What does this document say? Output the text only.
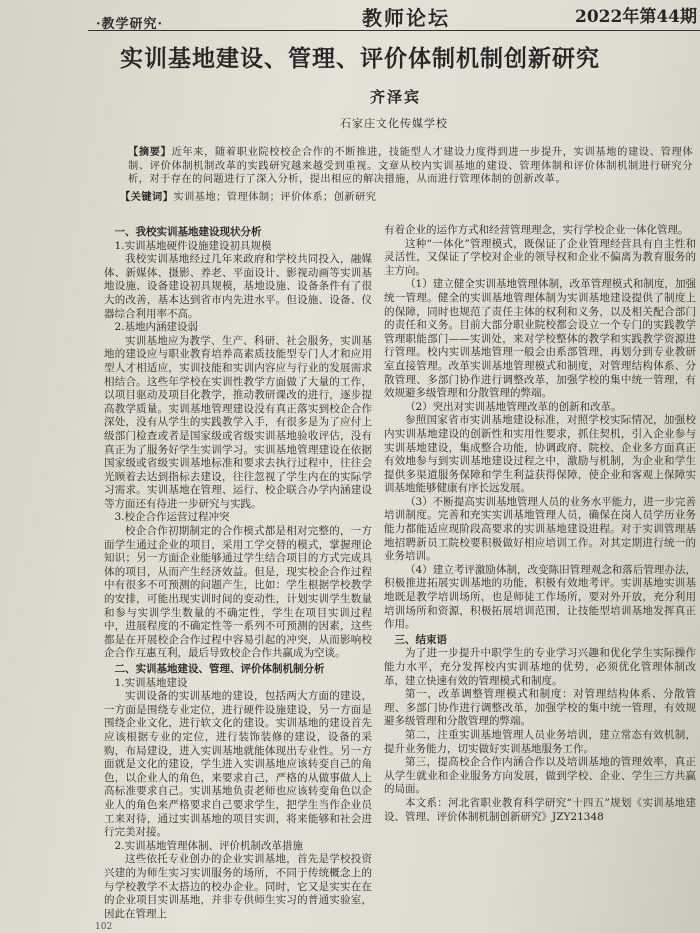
·教学研究·	教师论坛	2022年第44期
实训基地建设、管理、评价体制机制创新研究
齐泽宾
石家庄文化传媒学校
【摘要】近年来，随着职业院校校企合作的不断推进，技能型人才建设力度得到进一步提升，实训基地的建设、管理体制、评价体制机制改革的实践研究越来越受到重视。文章从校内实训基地的建设、管理体制和评价体制机制进行研究分析，对于存在的问题进行了深入分析，提出相应的解决措施，从而进行管理体制的创新改革。
【关键词】实训基地；管理体制；评价体系；创新研究
一、我校实训基地建设现状分析
1.实训基地硬件设施建设初具规模

我校实训基地经过几年来政府和学校共同投入，融媒体、新媒体、摄影、养老、平面设计、影视动画等实训基地设施、设备建设初具规模，基地设施、设备条件有了很大的改善，基本达到省市内先进水平。但设施、设备、仪器综合利用率不高。

2.基地内涵建设弱

实训基地应为教学、生产、科研、社会服务，实训基地的建设应与职业教育培养高素质技能型专门人才和应用型人才相适应，实训技能和实训内容应与行业的发展需求相结合。这些年学校在实训性教学方面做了大量的工作，以项目驱动及项目化教学，推动教研课改的进行，逐步提高教学质量。实训基地管理建设没有真正落实到校企合作深处，没有从学生的实践教学入手，有很多是为了应付上级部门检查或者是国家级或省级实训基地验收评估，没有真正为了服务好学生实训学习。实训基地管理建设在依据国家级或省级实训基地标准和要求去执行过程中，往往会光顾着去达到指标去建设，往往忽视了学生内在的实际学习需求。实训基地在管理、运行、校企联合办学内涵建设等方面还有待进一步研究与实践。

3.校企合作运营过程冲突

校企合作初期制定的合作模式都是相对完整的，一方面学生通过企业的项目，采用工学交替的模式，掌握理论知识；另一方面企业能够通过学生结合项目的方式完成具体的项目，从而产生经济效益。但是，现实校企合作过程中有很多不可预测的问题产生，比如：学生根据学校教学的安排，可能出现实训时间的变动性，计划实训学生数量和参与实训学生数量的不确定性，学生在项目实训过程中，进展程度的不确定性等一系列不可预测的因素，这些都是在开展校企合作过程中容易引起的冲突，从而影响校企合作互惠互利，最后导致校企合作共赢成为空谈。

二、实训基地建设、管理、评价体制机制分析
1.实训基地建设

实训设备的实训基地的建设，包括两大方面的建设，一方面是围绕专业定位，进行硬件设施建设，另一方面是围绕企业文化，进行软文化的建设。实训基地的建设首先应该根据专业的定位，进行装饰装修的建设，设备的采购，布局建设，进入实训基地就能体现出专业性。另一方面就是文化的建设，学生进入实训基地应该转变自己的角色，以企业人的角色，来要求自己，严格的从做事做人上高标准要求自己。实训基地负责老师也应该转变角色以企业人的角色来严格要求自己要求学生，把学生当作企业员工来对待，通过实训基地的项目实训，将来能够和社会进行完美对接。

2.实训基地管理体制、评价机制改革措施

这些依托专业创办的企业实训基地，首先是学校投资兴建的为师生实习实训服务的场所，不同于传统概念上的与学校教学不太搭边的校办企业。同时，它又是实实在在的企业项目实训基地，并非专供师生实习的普通实验室，因此在管理上

有着企业的运作方式和经营管理理念，实行学校企业一体化管理。

这种“一体化”管理模式，既保证了企业管理经营具有自主性和灵活性，又保证了学校对企业的领导权和企业不偏离为教育服务的主方向。

（1）建立健全实训基地管理体制，改革管理模式和制度，加强统一管理。健全的实训基地管理体制为实训基地建设提供了制度上的保障，同时也规范了责任主体的权利和义务，以及相关配合部门的责任和义务。目前大部分职业院校都会设立一个专门的实践教学管理职能部门——实训处，来对学校整体的教学和实践教学资源进行管理。校内实训基地管理一般会由系部管理，再划分到专业教研室直接管理。改革实训基地管理模式和制度，对管理结构体系、分散管理、多部门协作进行调整改革，加强学校的集中统一管理，有效规避多级管理和分散管理的弊端。

（2）突出对实训基地管理改革的创新和改革。

参照国家省市实训基地建设标准，对照学校实际情况，加强校内实训基地建设的创新性和实用性要求，抓住契机，引入企业参与实训基地建设，集成整合功能，协调政府、院校、企业多方面真正有效地参与到实训基地建设过程之中，激励与机制，为企业和学生提供多渠道服务保障和学生利益获得保障，使企业和客观上保障实训基地能够健康有序长远发展。

（3）不断提高实训基地管理人员的业务水平能力，进一步完善培训制度。完善和充实实训基地管理人员，确保在岗人员学历业务能力都能适应现阶段高要求的实训基地建设进程。对于实训管理基地招聘新员工院校要积极做好相应培训工作。对其定期进行统一的业务培训。

（4）建立考评激励体制，改变陈旧管理观念和落后管理办法，积极推进拓展实训基地的功能，积极有效地考评。实训基地实训基地既是教学培训场所，也是师徒工作场所，要对外开放，充分利用培训场所和资源，积极拓展培训范围，让技能型培训基地发挥真正作用。

三、结束语

为了进一步提升中职学生的专业学习兴趣和优化学生实际操作能力水平，充分发挥校内实训基地的优势，必须优化管理体制改革，建立快速有效的管理模式和制度。

第一，改革调整管理模式和制度：对管理结构体系、分散管理、多部门协作进行调整改革，加强学校的集中统一管理，有效规避多级管理和分散管理的弊端。

第二，注重实训基地管理人员业务培训，建立常态有效机制，提升业务能力，切实做好实训基地服务工作。

第三，提高校企合作内涵合作以及培训基地的管理效率，真正从学生就业和企业服务方向发展，做到学校、企业、学生三方共赢的局面。

本文系：河北省职业教育科学研究“十四五”规划《实训基地建设、管理、评价体制机制创新研究》JZY21348

102
